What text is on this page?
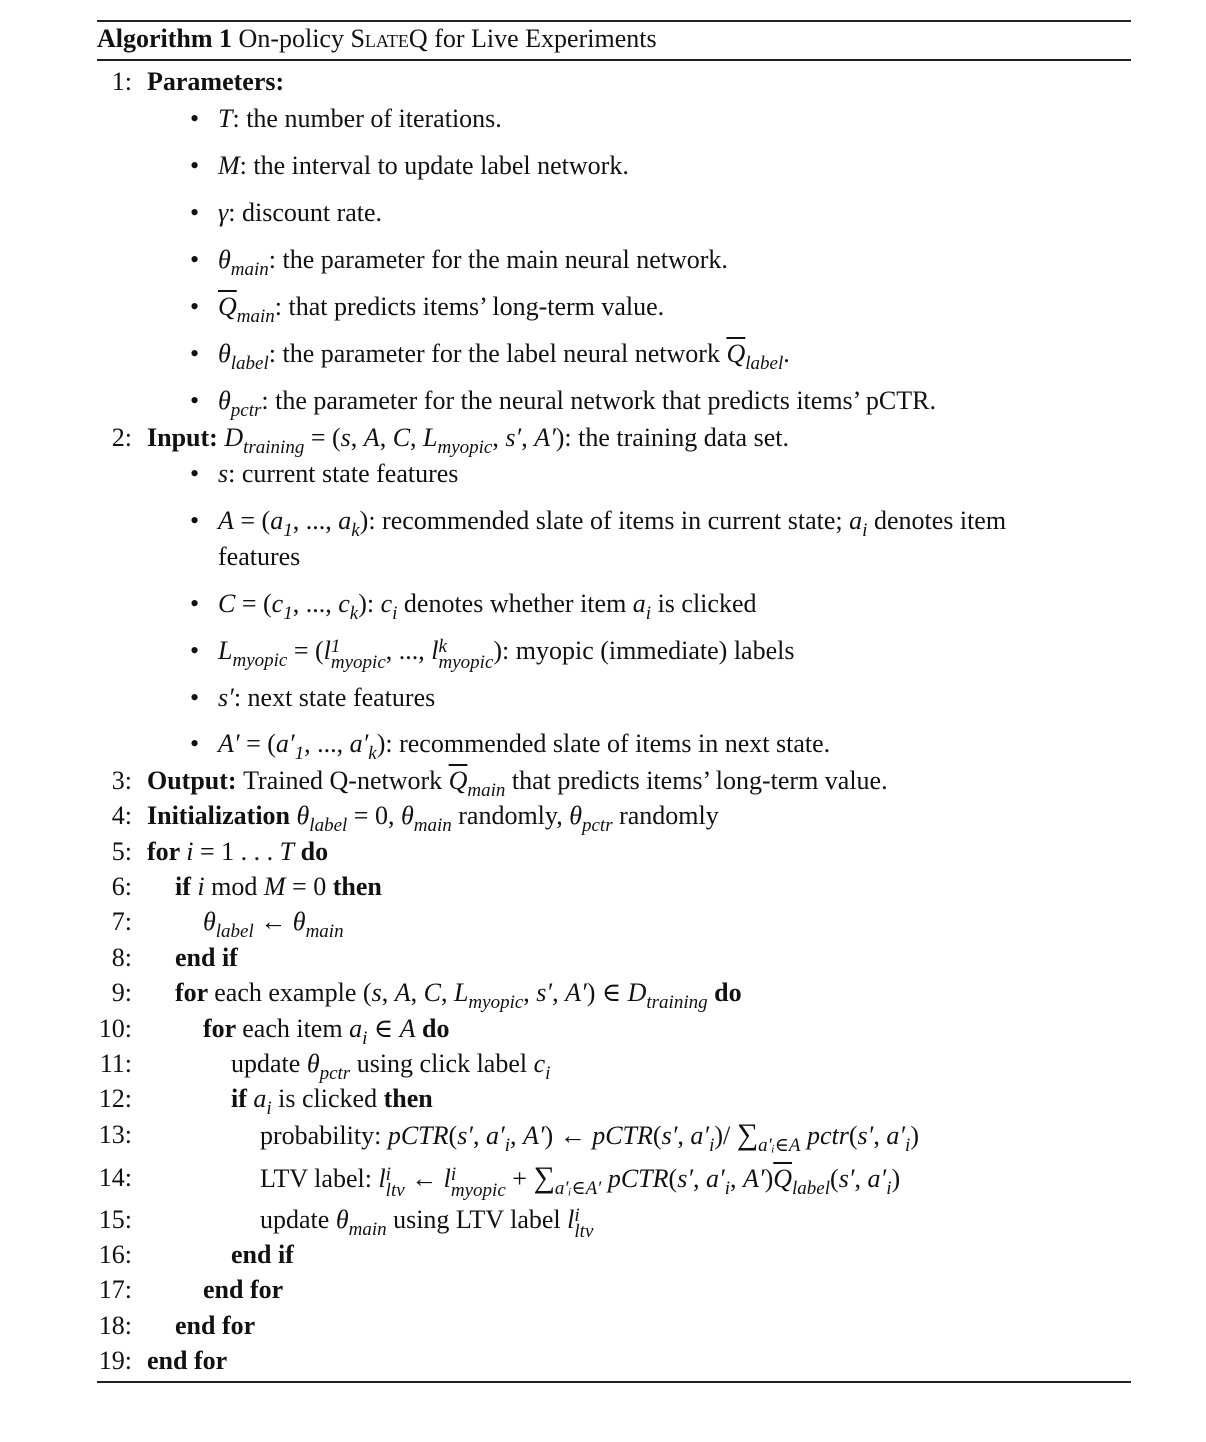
Algorithm 1 On-policy SlateQ for Live Experiments
1: Parameters:
• T: the number of iterations.
• M: the interval to update label network.
• γ: discount rate.
• $\theta_{main}$: the parameter for the main neural network.
• $\overline{Q}_{main}$: that predicts items’ long-term value.
• $\theta_{label}$: the parameter for the label neural network $\overline{Q}_{label}$.
• $\theta_{pctr}$: the parameter for the neural network that predicts items’ pCTR.
2: Input: $D_{training} = (s$, A, C, $L_{myopic}$, s′, A′): the training data set.
• s: current state features
• $A = (a_1$, ..., $a_k$): recommended slate of items in current state; $a_i$ denotes item
features
• $C = (c_1$, ..., $c_k$): $c_i$ denotes whether item $a_i$ is clicked
• $L_{myopic} = (l$ 1
myopic , ..., l k
myopic ): myopic (immediate) labels
• s′: next state features
• $A' = (a'_1$, ..., $a'_k$): recommended slate of items in next state.
3: Output: Trained Q-network $\overline{Q}_{main}$ that predicts items’ long-term value.
4: Initialization $\theta_{label} = 0$, $\theta_{main}$ randomly, $\theta_{pctr}$ randomly
5: for i = 1 . . . T do
6: if i mod M = 0 then
7:	$\theta_{label}$ ← $\theta_{main}$
8: end if
9: for each example (s, A, C, $L_{myopic}$, s′, A′) ∈ $D_{training}$ do
10:	for each item $a_i$ ∈ A do
11:	update $\theta_{pctr}$ using click label $c_i$
12:	if $a_i$ is clicked then
13:	probability: pCTR(s′, $a'_i$, A′) ← pCTR(s′, $a'_i)/$ $\sum_{a'ᵢ\in A}$ pctr(s′, $a'_i$)
14:	LTV label: l i
ltv ← l i
myopic + $\sum_{a'ᵢ\in A'}$ pCTR(s′, $a'_i$, $A')\overline{Q}_{label}(s'$, $a'_i$)
15:	update $\theta_{main}$ using LTV label l i
ltv
16:	end if
17:	end for
18: end for
19: end for
